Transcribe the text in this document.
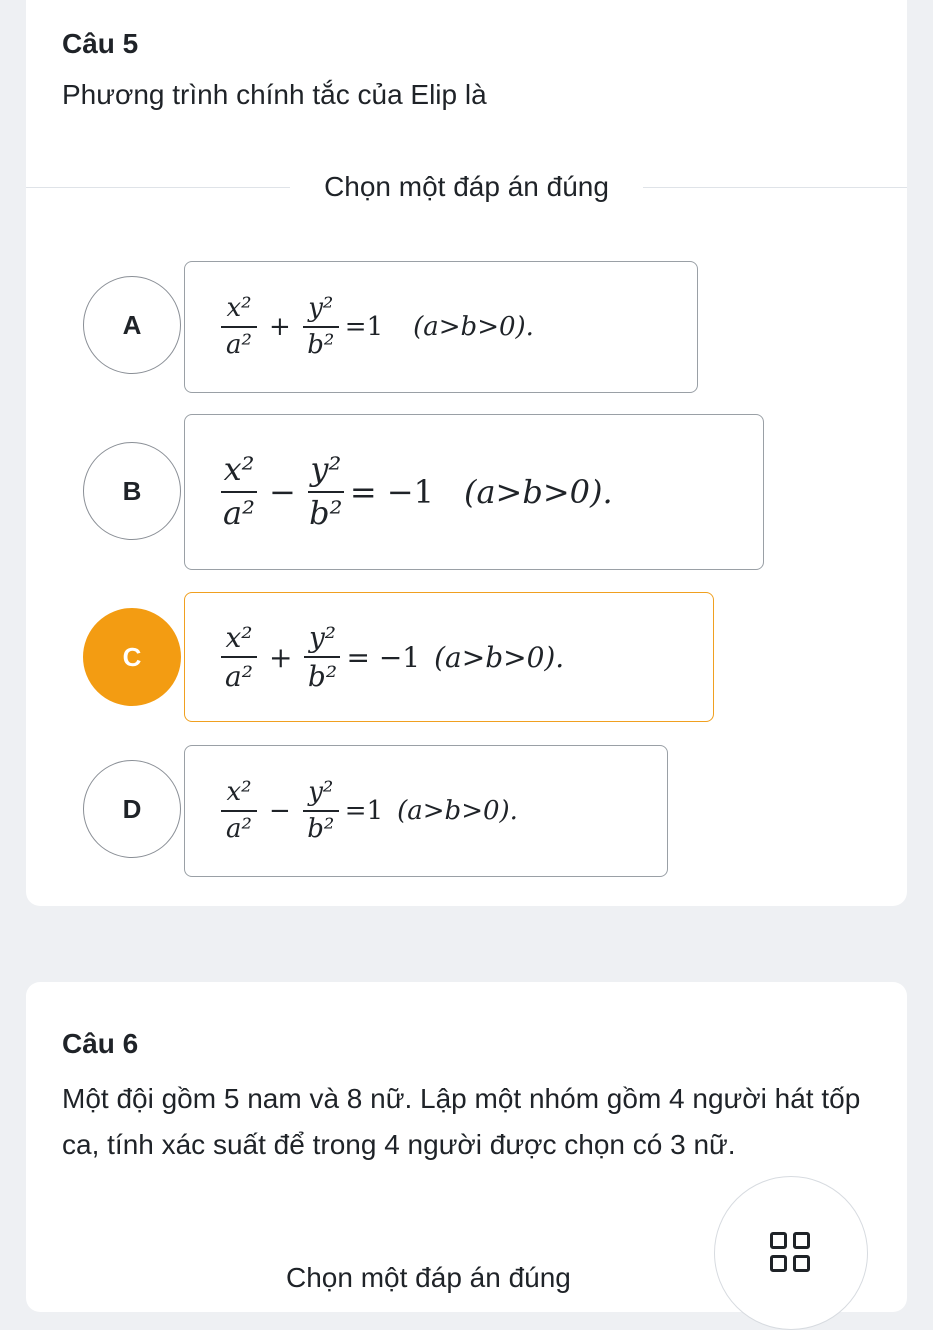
Câu 5
Phương trình chính tắc của Elip là
Chọn một đáp án đúng
A	$\frac{\text{x²}}{\text{a²}} + \frac{\text{y²}}{\text{b²}} =1$ (a>b>0).
B $\frac{\text{x²}}{\text{a²}} - \frac{\text{y²}}{\text{b²}} = -1$ (a>b>0).
C	$\frac{\text{x²}}{\text{a²}} + \frac{\text{y²}}{\text{b²}} = -1$ (a>b>0).
D	$\frac{\text{x²}}{\text{a²}} - \frac{\text{y²}}{\text{b²}} =1$ (a>b>0).
Câu 6
Một đội gồm 5 nam và 8 nữ. Lập một nhóm gồm 4 người hát tốp ca, tính xác suất để trong 4 người được chọn có 3 nữ.
Chọn một đáp án đúng
